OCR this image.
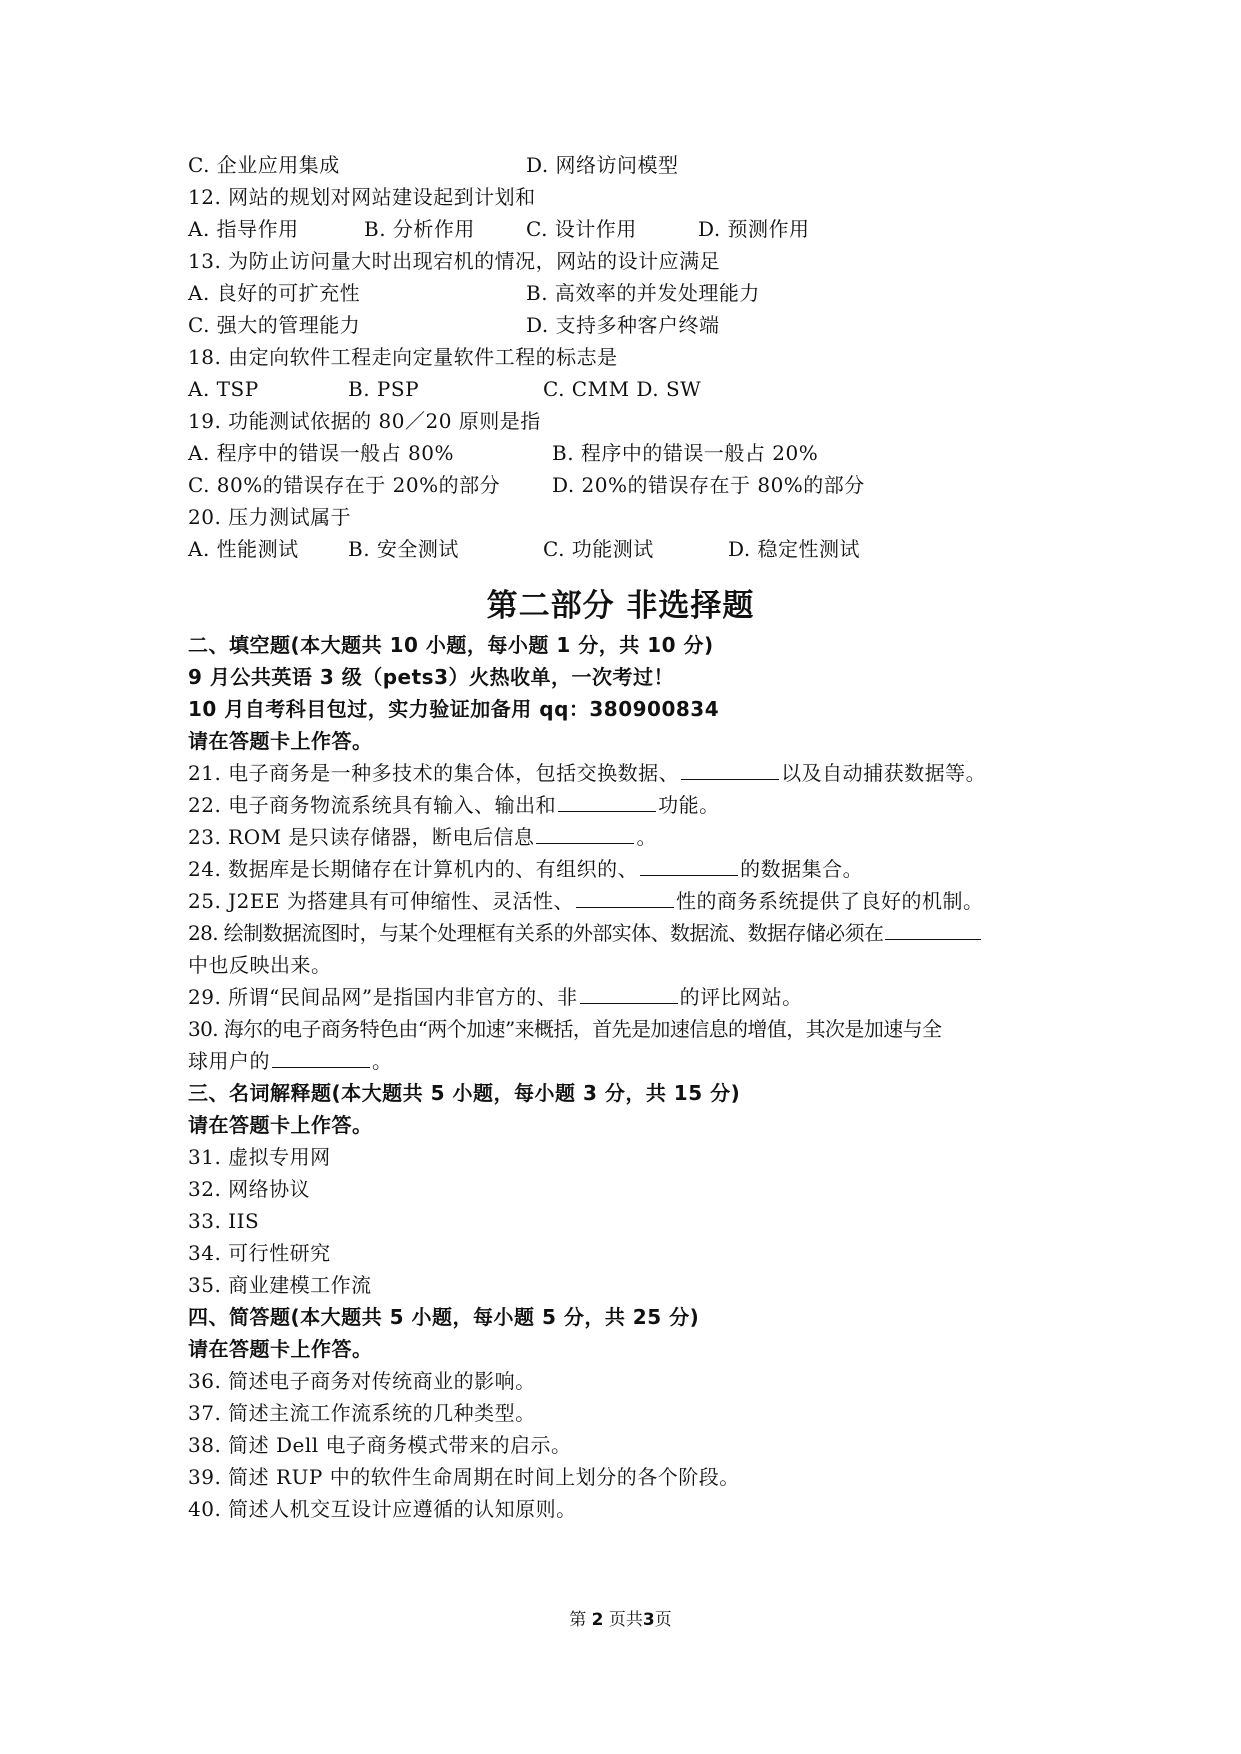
C. 企业应用集成	D. 网络访问模型
12. 网站的规划对网站建设起到计划和
A. 指导作用	B. 分析作用	C. 设计作用	D. 预测作用
13. 为防止访问量大时出现宕机的情况，网站的设计应满足
A. 良好的可扩充性	B. 高效率的并发处理能力
C. 强大的管理能力	D. 支持多种客户终端
18. 由定向软件工程走向定量软件工程的标志是
A. TSP	B. PSP	C. CMM D. SW
19. 功能测试依据的 80／20 原则是指
A. 程序中的错误一般占 80%	B. 程序中的错误一般占 20%
C. 80%的错误存在于 20%的部分	D. 20%的错误存在于 80%的部分
20. 压力测试属于
A. 性能测试 B. 安全测试	C. 功能测试	D. 稳定性测试
第二部分 非选择题
二、填空题(本大题共 10 小题，每小题 1 分，共 10 分)
9 月公共英语 3 级（pets3）火热收单，一次考过！
10 月自考科目包过，实力验证加备用 qq：380900834
请在答题卡上作答。
21. 电子商务是一种多技术的集合体，包括交换数据、	以及自动捕获数据等。
22. 电子商务物流系统具有输入、输出和	功能。
23. ROM 是只读存储器，断电后信息	。
24. 数据库是长期储存在计算机内的、有组织的、	的数据集合。
25. J2EE 为搭建具有可伸缩性、灵活性、	性的商务系统提供了良好的机制。
28. 绘制数据流图时，与某个处理框有关系的外部实体、数据流、数据存储必须在
中也反映出来。
29. 所谓“民间品网”是指国内非官方的、非	的评比网站。
30. 海尔的电子商务特色由“两个加速”来概括，首先是加速信息的增值，其次是加速与全
球用户的	。
三、名词解释题(本大题共 5 小题，每小题 3 分，共 15 分)
请在答题卡上作答。
31. 虚拟专用网
32. 网络协议
33. IIS
34. 可行性研究
35. 商业建模工作流
四、简答题(本大题共 5 小题，每小题 5 分，共 25 分)
请在答题卡上作答。
36. 简述电子商务对传统商业的影响。
37. 简述主流工作流系统的几种类型。
38. 简述 Dell 电子商务模式带来的启示。
39. 简述 RUP 中的软件生命周期在时间上划分的各个阶段。
40. 简述人机交互设计应遵循的认知原则。
第 2 页共3页
